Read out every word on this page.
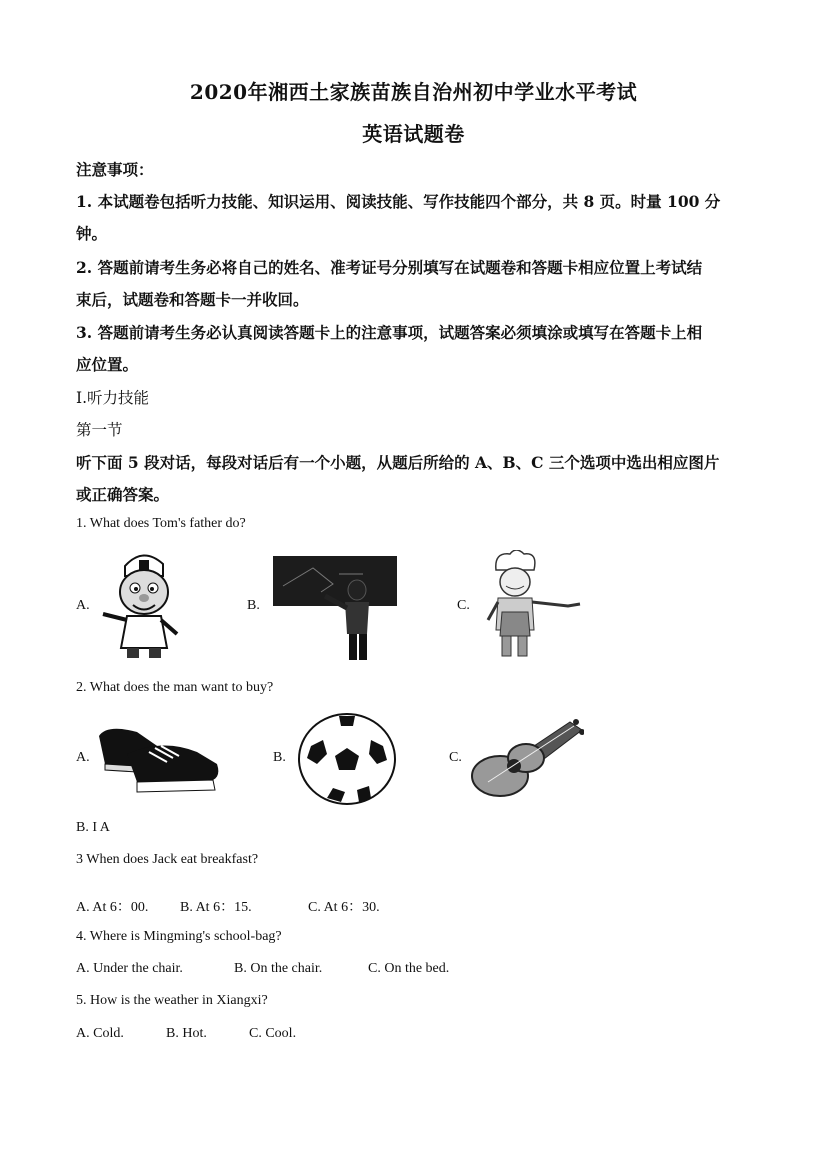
2020年湘西土家族苗族自治州初中学业水平考试
英语试题卷
注意事项：
1. 本试题卷包括听力技能、知识运用、阅读技能、写作技能四个部分，共 8 页。时量 100 分
钟。
2. 答题前请考生务必将自己的姓名、准考证号分别填写在试题卷和答题卡相应位置上考试结
束后，试题卷和答题卡一并收回。
3. 答题前请考生务必认真阅读答题卡上的注意事项，试题答案必须填涂或填写在答题卡上相
应位置。
I.听力技能
第一节
听下面 5 段对话，每段对话后有一个小题，从题后所给的 A、B、C 三个选项中选出相应图片
或正确答案。
1. What does Tom's father do?
A.	B.	C.
2. What does the man want to buy?
A.	B.	C.
B. I A
3 When does Jack eat breakfast?
A. At 6：00. B. At 6：15.	C. At 6：30.
4. Where is Mingming's school-bag?
A. Under the chair.	B. On the chair.	C. On the bed.
5. How is the weather in Xiangxi?
A. Cold.	B. Hot.	C. Cool.
